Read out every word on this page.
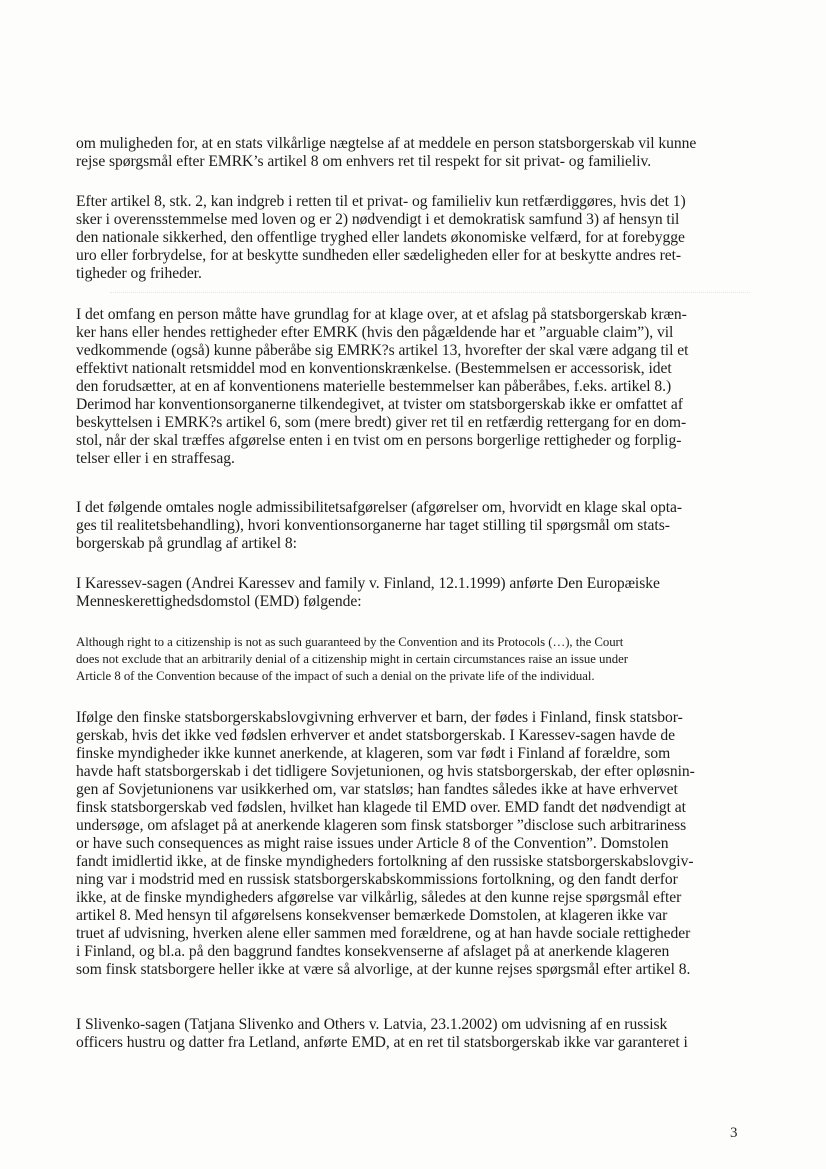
om muligheden for, at en stats vilkårlige nægtelse af at meddele en person statsborgerskab vil kunne
rejse spørgsmål efter EMRK’s artikel 8 om enhvers ret til respekt for sit privat- og familieliv.
Efter artikel 8, stk. 2, kan indgreb i retten til et privat- og familieliv kun retfærdiggøres, hvis det 1)
sker i overensstemmelse med loven og er 2) nødvendigt i et demokratisk samfund 3) af hensyn til
den nationale sikkerhed, den offentlige tryghed eller landets økonomiske velfærd, for at forebygge
uro eller forbrydelse, for at beskytte sundheden eller sædeligheden eller for at beskytte andres ret-
tigheder og friheder.
I det omfang en person måtte have grundlag for at klage over, at et afslag på statsborgerskab kræn-
ker hans eller hendes rettigheder efter EMRK (hvis den pågældende har et ”arguable claim”), vil
vedkommende (også) kunne påberåbe sig EMRK?s artikel 13, hvorefter der skal være adgang til et
effektivt nationalt retsmiddel mod en konventionskrænkelse. (Bestemmelsen er accessorisk, idet
den forudsætter, at en af konventionens materielle bestemmelser kan påberåbes, f.eks. artikel 8.)
Derimod har konventionsorganerne tilkendegivet, at tvister om statsborgerskab ikke er omfattet af
beskyttelsen i EMRK?s artikel 6, som (mere bredt) giver ret til en retfærdig rettergang for en dom-
stol, når der skal træffes afgørelse enten i en tvist om en persons borgerlige rettigheder og forplig-
telser eller i en straffesag.
I det følgende omtales nogle admissibilitetsafgørelser (afgørelser om, hvorvidt en klage skal opta-
ges til realitetsbehandling), hvori konventionsorganerne har taget stilling til spørgsmål om stats-
borgerskab på grundlag af artikel 8:
I Karessev-sagen (Andrei Karessev and family v. Finland, 12.1.1999) anførte Den Europæiske
Menneskerettighedsdomstol (EMD) følgende:
Although right to a citizenship is not as such guaranteed by the Convention and its Protocols (…), the Court
does not exclude that an arbitrarily denial of a citizenship might in certain circumstances raise an issue under
Article 8 of the Convention because of the impact of such a denial on the private life of the individual.
Ifølge den finske statsborgerskabslovgivning erhverver et barn, der fødes i Finland, finsk statsbor-
gerskab, hvis det ikke ved fødslen erhverver et andet statsborgerskab. I Karessev-sagen havde de
finske myndigheder ikke kunnet anerkende, at klageren, som var født i Finland af forældre, som
havde haft statsborgerskab i det tidligere Sovjetunionen, og hvis statsborgerskab, der efter opløsnin-
gen af Sovjetunionens var usikkerhed om, var statsløs; han fandtes således ikke at have erhvervet
finsk statsborgerskab ved fødslen, hvilket han klagede til EMD over. EMD fandt det nødvendigt at
undersøge, om afslaget på at anerkende klageren som finsk statsborger ”disclose such arbitrariness
or have such consequences as might raise issues under Article 8 of the Convention”. Domstolen
fandt imidlertid ikke, at de finske myndigheders fortolkning af den russiske statsborgerskabslovgiv-
ning var i modstrid med en russisk statsborgerskabskommissions fortolkning, og den fandt derfor
ikke, at de finske myndigheders afgørelse var vilkårlig, således at den kunne rejse spørgsmål efter
artikel 8. Med hensyn til afgørelsens konsekvenser bemærkede Domstolen, at klageren ikke var
truet af udvisning, hverken alene eller sammen med forældrene, og at han havde sociale rettigheder
i Finland, og bl.a. på den baggrund fandtes konsekvenserne af afslaget på at anerkende klageren
som finsk statsborgere heller ikke at være så alvorlige, at der kunne rejses spørgsmål efter artikel 8.
I Slivenko-sagen (Tatjana Slivenko and Others v. Latvia, 23.1.2002) om udvisning af en russisk
officers hustru og datter fra Letland, anførte EMD, at en ret til statsborgerskab ikke var garanteret i
3
